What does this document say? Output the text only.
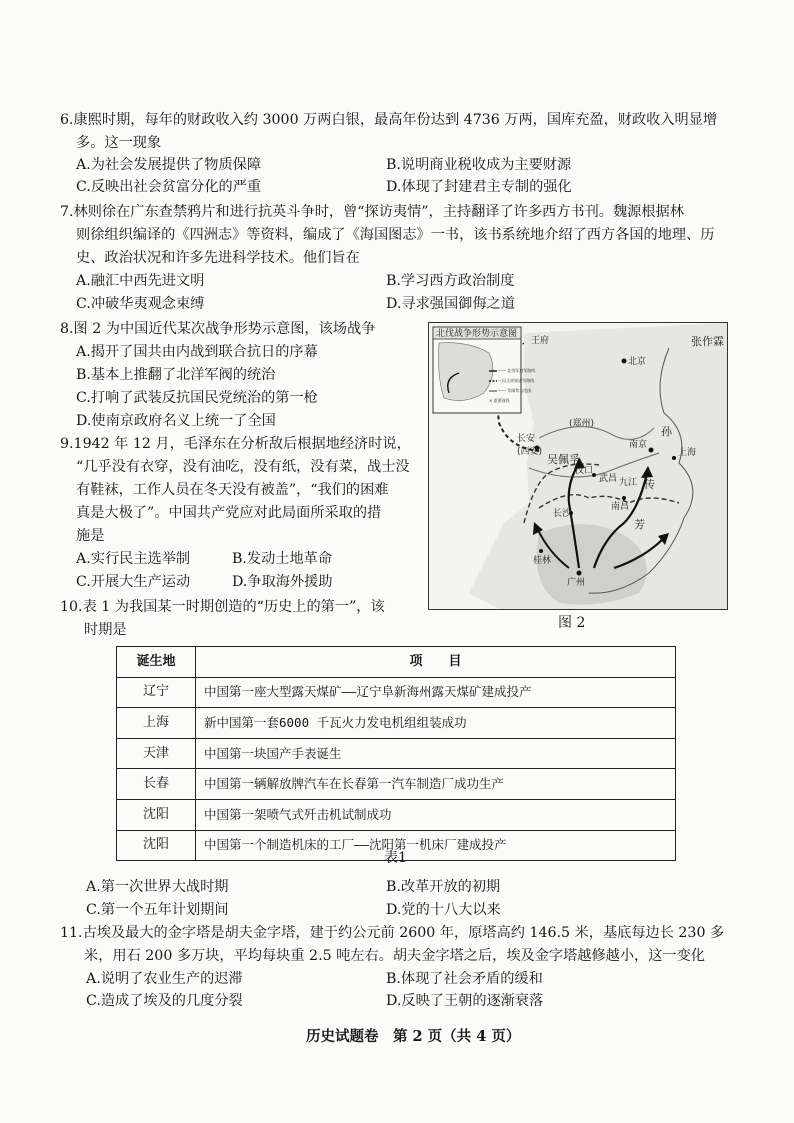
6.康熙时期，每年的财政收入约 3000 万两白银，最高年份达到 4736 万两，国库充盈，财政收入明显增
多。这一现象
A.为社会发展提供了物质保障	B.说明商业税收成为主要财源
C.反映出社会贫富分化的严重	D.体现了封建君主专制的强化
7.林则徐在广东查禁鸦片和进行抗英斗争时，曾“探访夷情”，主持翻译了许多西方书刊。魏源根据林
则徐组织编译的《四洲志》等资料，编成了《海国图志》一书，该书系统地介绍了西方各国的地理、历
史、政治状况和许多先进科学技术。他们旨在
A.融汇中西先进文明	B.学习西方政治制度
C.冲破华夷观念束缚	D.寻求强国御侮之道
8.图 2 为中国近代某次战争形势示意图，该场战争
A.揭开了国共由内战到联合抗日的序幕
B.基本上推翻了北洋军阀的统治
C.打响了武装反抗国民党统治的第一枪
D.使南京政府名义上统一了全国
9.1942 年 12 月，毛泽东在分析敌后根据地经济时说，
“几乎没有衣穿，没有油吃，没有纸，没有菜，战士没
有鞋袜，工作人员在冬天没有被盖”，“我们的困难
真是大极了”。中国共产党应对此局面所采取的措
施是
A.实行民主选举制	B.发动土地革命
C.开展大生产运动	D.争取海外援助
10.表 1 为我国某一时期创造的“历史上的第一”，该
时期是
北伐战争形势示意图
—— 北伐军进军路线
-- 冯玉祥部进军路线
—— 军阀势力范围
✕ 重要战役
张作霖
北京
王府
长安
(西安)
(郑州)
吴佩孚
孙
传
芳
南京
上海
汉口
武昌 九江
南昌
长沙
桂林
广州
图 2
诞生地	项　　目
辽宁	中国第一座大型露天煤矿——辽宁阜新海州露天煤矿建成投产
上海	新中国第一套6000 千瓦火力发电机组组装成功
天津	中国第一块国产手表诞生
长春	中国第一辆解放牌汽车在长春第一汽车制造厂成功生产
沈阳	中国第一架喷气式歼击机试制成功
沈阳	中国第一个制造机床的工厂——沈阳第一机床厂建成投产
表1
A.第一次世界大战时期	B.改革开放的初期
C.第一个五年计划期间	D.党的十八大以来
11.古埃及最大的金字塔是胡夫金字塔，建于约公元前 2600 年，原塔高约 146.5 米，基底每边长 230 多
米，用石 200 多万块，平均每块重 2.5 吨左右。胡夫金字塔之后，埃及金字塔越修越小，这一变化
A.说明了农业生产的迟滞	B.体现了社会矛盾的缓和
C.造成了埃及的几度分裂	D.反映了王朝的逐渐衰落
历史试题卷　第 2 页（共 4 页）
